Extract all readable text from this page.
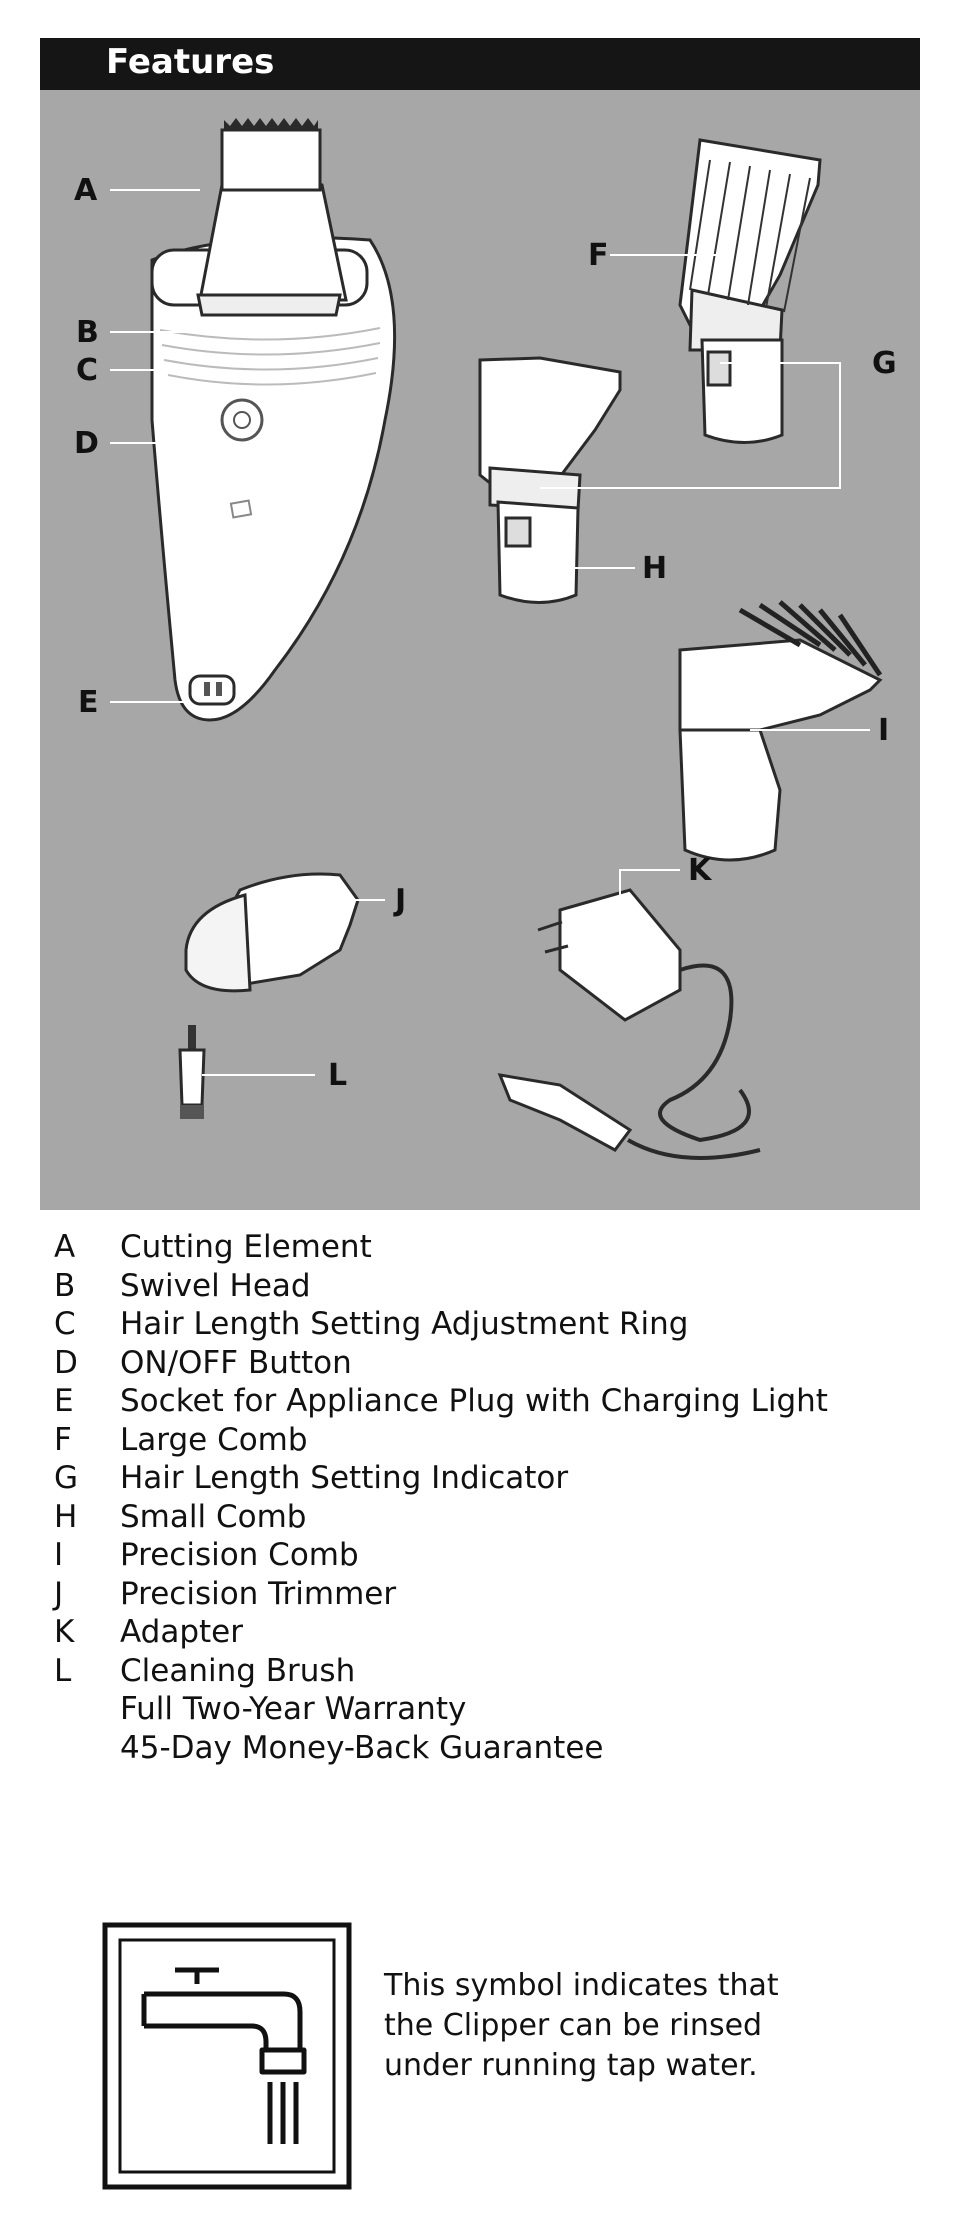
Features
A
B
C
D
E
F
G
H
I
J
K
L
A	Cutting Element
B	Swivel Head
C	Hair Length Setting Adjustment Ring
D	ON/OFF Button
E	Socket for Appliance Plug with Charging Light
F	Large Comb
G	Hair Length Setting Indicator
H	Small Comb
I	Precision Comb
J	Precision Trimmer
K	Adapter
L	Cleaning Brush
Full Two-Year Warranty
45-Day Money-Back Guarantee
This symbol indicates that
the Clipper can be rinsed
under running tap water.
